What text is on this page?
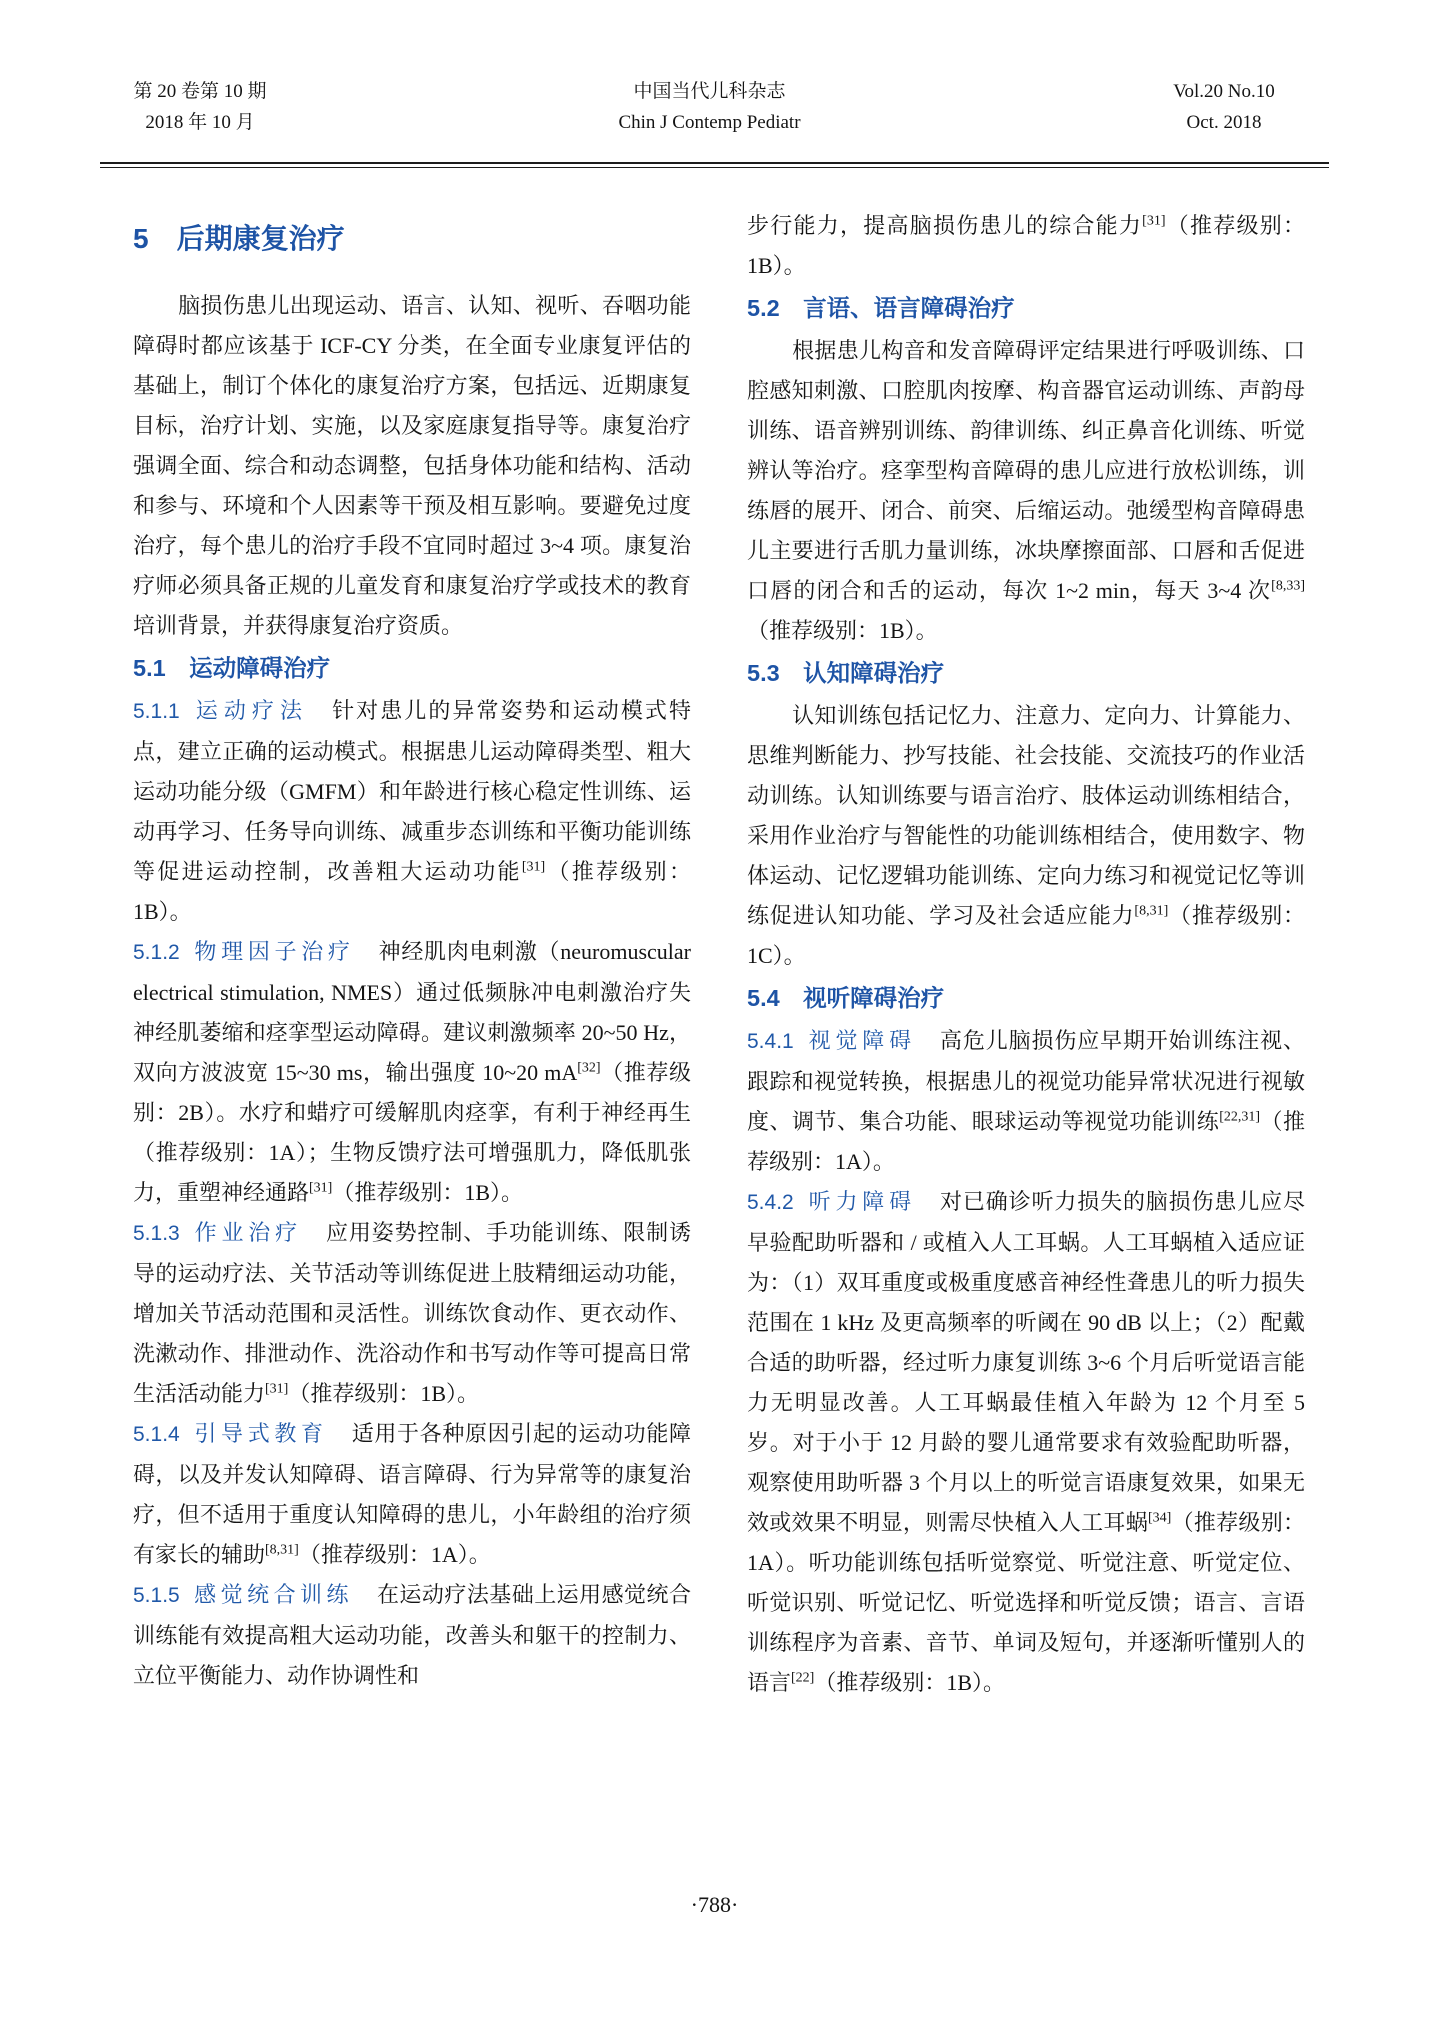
第 20 卷第 10 期
2018 年 10 月
中国当代儿科杂志
Chin J Contemp Pediatr
Vol.20 No.10
Oct. 2018
5　后期康复治疗

脑损伤患儿出现运动、语言、认知、视听、吞咽功能障碍时都应该基于 ICF-CY 分类，在全面专业康复评估的基础上，制订个体化的康复治疗方案，包括远、近期康复目标，治疗计划、实施，以及家庭康复指导等。康复治疗强调全面、综合和动态调整，包括身体功能和结构、活动和参与、环境和个人因素等干预及相互影响。要避免过度治疗，每个患儿的治疗手段不宜同时超过 3~4 项。康复治疗师必须具备正规的儿童发育和康复治疗学或技术的教育培训背景，并获得康复治疗资质。

5.1　运动障碍治疗

5.1.1 运动疗法 针对患儿的异常姿势和运动模式特点，建立正确的运动模式。根据患儿运动障碍类型、粗大运动功能分级（GMFM）和年龄进行核心稳定性训练、运动再学习、任务导向训练、减重步态训练和平衡功能训练等促进运动控制，改善粗大运动功能[31]（推荐级别：1B）。

5.1.2 物理因子治疗 神经肌肉电刺激（neuromuscular electrical stimulation, NMES）通过低频脉冲电刺激治疗失神经肌萎缩和痉挛型运动障碍。建议刺激频率 20~50 Hz，双向方波波宽 15~30 ms，输出强度 10~20 mA[32]（推荐级别：2B）。水疗和蜡疗可缓解肌肉痉挛，有利于神经再生（推荐级别：1A）；生物反馈疗法可增强肌力，降低肌张力，重塑神经通路[31]（推荐级别：1B）。

5.1.3 作业治疗 应用姿势控制、手功能训练、限制诱导的运动疗法、关节活动等训练促进上肢精细运动功能，增加关节活动范围和灵活性。训练饮食动作、更衣动作、洗漱动作、排泄动作、洗浴动作和书写动作等可提高日常生活活动能力[31]（推荐级别：1B）。

5.1.4 引导式教育 适用于各种原因引起的运动功能障碍，以及并发认知障碍、语言障碍、行为异常等的康复治疗，但不适用于重度认知障碍的患儿，小年龄组的治疗须有家长的辅助[8,31]（推荐级别：1A）。

5.1.5 感觉统合训练 在运动疗法基础上运用感觉统合训练能有效提高粗大运动功能，改善头和躯干的控制力、立位平衡能力、动作协调性和

步行能力，提高脑损伤患儿的综合能力[31]（推荐级别：1B）。

5.2　言语、语言障碍治疗

根据患儿构音和发音障碍评定结果进行呼吸训练、口腔感知刺激、口腔肌肉按摩、构音器官运动训练、声韵母训练、语音辨别训练、韵律训练、纠正鼻音化训练、听觉辨认等治疗。痉挛型构音障碍的患儿应进行放松训练，训练唇的展开、闭合、前突、后缩运动。弛缓型构音障碍患儿主要进行舌肌力量训练，冰块摩擦面部、口唇和舌促进口唇的闭合和舌的运动，每次 1~2 min，每天 3~4 次[8,33]（推荐级别：1B）。

5.3　认知障碍治疗

认知训练包括记忆力、注意力、定向力、计算能力、思维判断能力、抄写技能、社会技能、交流技巧的作业活动训练。认知训练要与语言治疗、肢体运动训练相结合，采用作业治疗与智能性的功能训练相结合，使用数字、物体运动、记忆逻辑功能训练、定向力练习和视觉记忆等训练促进认知功能、学习及社会适应能力[8,31]（推荐级别：1C）。

5.4　视听障碍治疗

5.4.1 视觉障碍 高危儿脑损伤应早期开始训练注视、跟踪和视觉转换，根据患儿的视觉功能异常状况进行视敏度、调节、集合功能、眼球运动等视觉功能训练[22,31]（推荐级别：1A）。

5.4.2 听力障碍 对已确诊听力损失的脑损伤患儿应尽早验配助听器和 / 或植入人工耳蜗。人工耳蜗植入适应证为：（1）双耳重度或极重度感音神经性聋患儿的听力损失范围在 1 kHz 及更高频率的听阈在 90 dB 以上；（2）配戴合适的助听器，经过听力康复训练 3~6 个月后听觉语言能力无明显改善。人工耳蜗最佳植入年龄为 12 个月至 5 岁。对于小于 12 月龄的婴儿通常要求有效验配助听器，观察使用助听器 3 个月以上的听觉言语康复效果，如果无效或效果不明显，则需尽快植入人工耳蜗[34]（推荐级别：1A）。听功能训练包括听觉察觉、听觉注意、听觉定位、听觉识别、听觉记忆、听觉选择和听觉反馈；语言、言语训练程序为音素、音节、单词及短句，并逐渐听懂别人的语言[22]（推荐级别：1B）。

·788·
